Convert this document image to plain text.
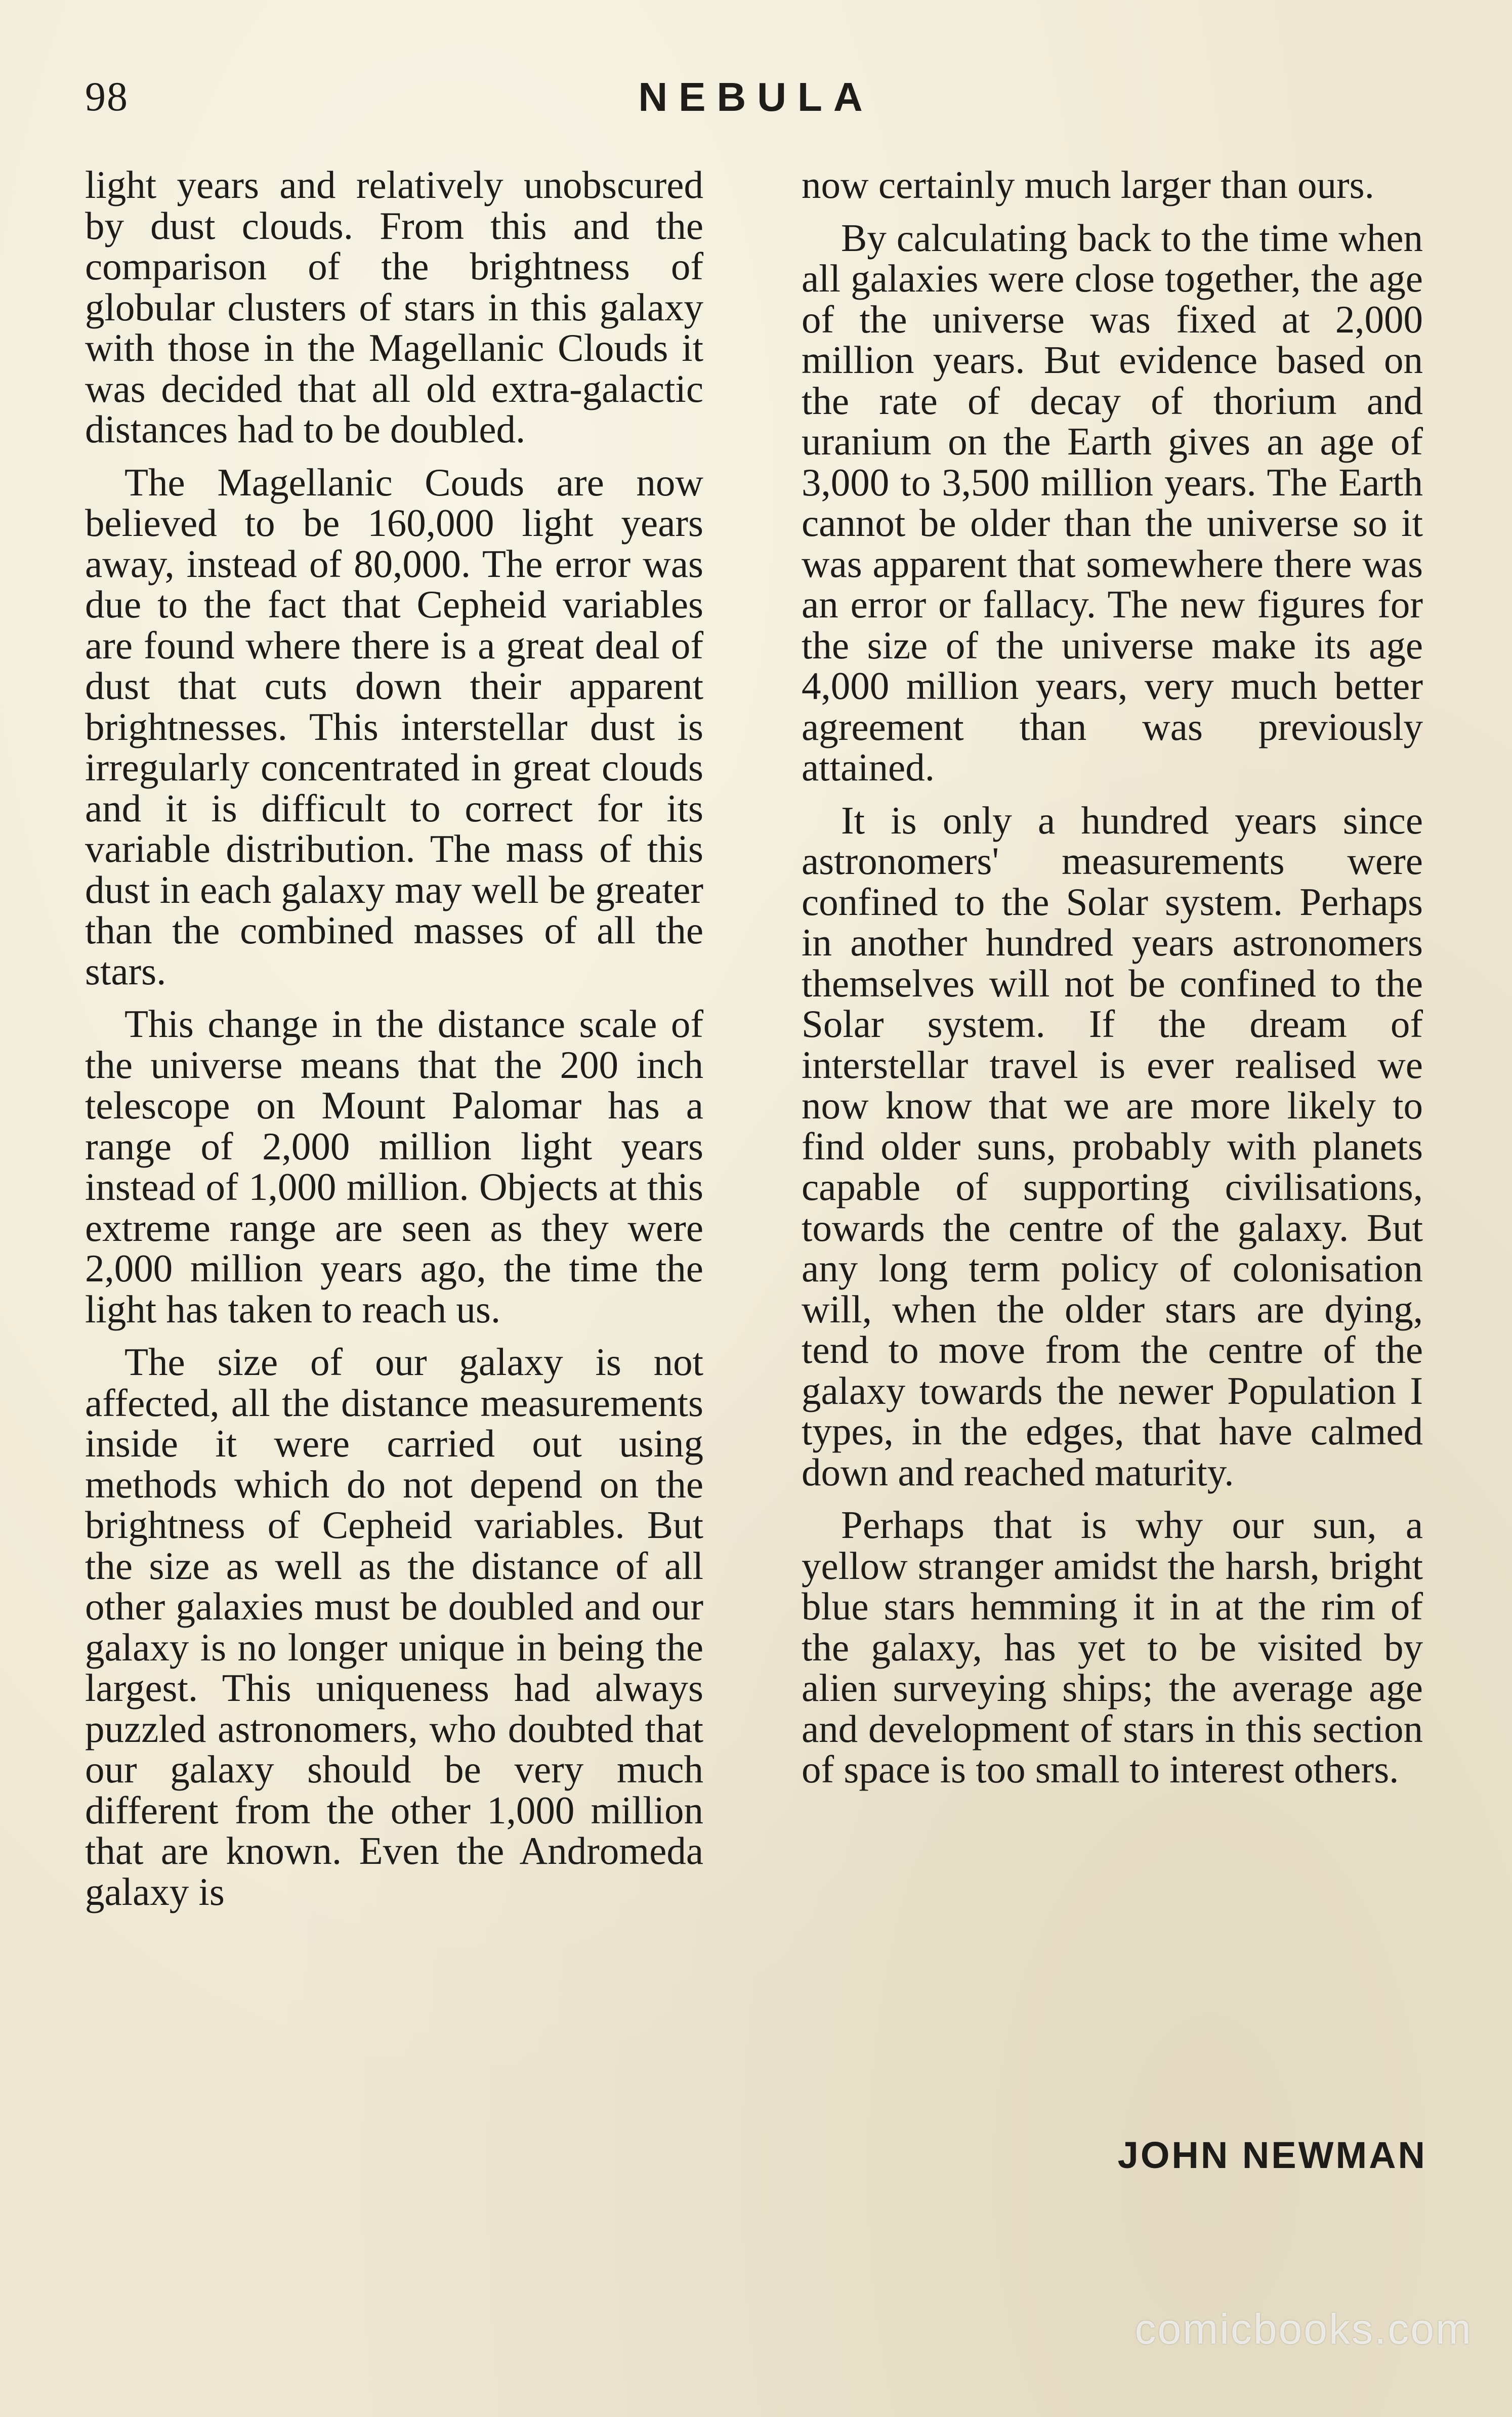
98	NEBULA

light years and relatively unobscured by dust clouds. From this and the comparison of the brightness of globular clusters of stars in this galaxy with those in the Magellanic Clouds it was decided that all old extra-galactic distances had to be doubled.

The Magellanic Couds are now believed to be 160,000 light years away, instead of 80,000. The error was due to the fact that Cepheid variables are found where there is a great deal of dust that cuts down their apparent brightnesses. This interstellar dust is irregularly concentrated in great clouds and it is difficult to correct for its variable distribution. The mass of this dust in each galaxy may well be greater than the combined masses of all the stars.

This change in the distance scale of the universe means that the 200 inch telescope on Mount Palomar has a range of 2,000 million light years instead of 1,000 million. Objects at this extreme range are seen as they were 2,000 million years ago, the time the light has taken to reach us.

The size of our galaxy is not affected, all the distance measurements inside it were carried out using methods which do not depend on the brightness of Cepheid variables. But the size as well as the distance of all other galaxies must be doubled and our galaxy is no longer unique in being the largest. This uniqueness had always puzzled astronomers, who doubted that our galaxy should be very much different from the other 1,000 million that are known. Even the Andromeda galaxy is

now certainly much larger than ours.

By calculating back to the time when all galaxies were close together, the age of the universe was fixed at 2,000 million years. But evidence based on the rate of decay of thorium and uranium on the Earth gives an age of 3,000 to 3,500 million years. The Earth cannot be older than the universe so it was apparent that somewhere there was an error or fallacy. The new figures for the size of the universe make its age 4,000 million years, very much better agreement than was previously attained.

It is only a hundred years since astronomers' measurements were confined to the Solar system. Perhaps in another hundred years astronomers themselves will not be confined to the Solar system. If the dream of interstellar travel is ever realised we now know that we are more likely to find older suns, probably with planets capable of supporting civilisations, towards the centre of the galaxy. But any long term policy of colonisation will, when the older stars are dying, tend to move from the centre of the galaxy towards the newer Population I types, in the edges, that have calmed down and reached maturity.

Perhaps that is why our sun, a yellow stranger amidst the harsh, bright blue stars hemming it in at the rim of the galaxy, has yet to be visited by alien surveying ships; the average age and development of stars in this section of space is too small to interest others.

JOHN NEWMAN
comicbooks.com
